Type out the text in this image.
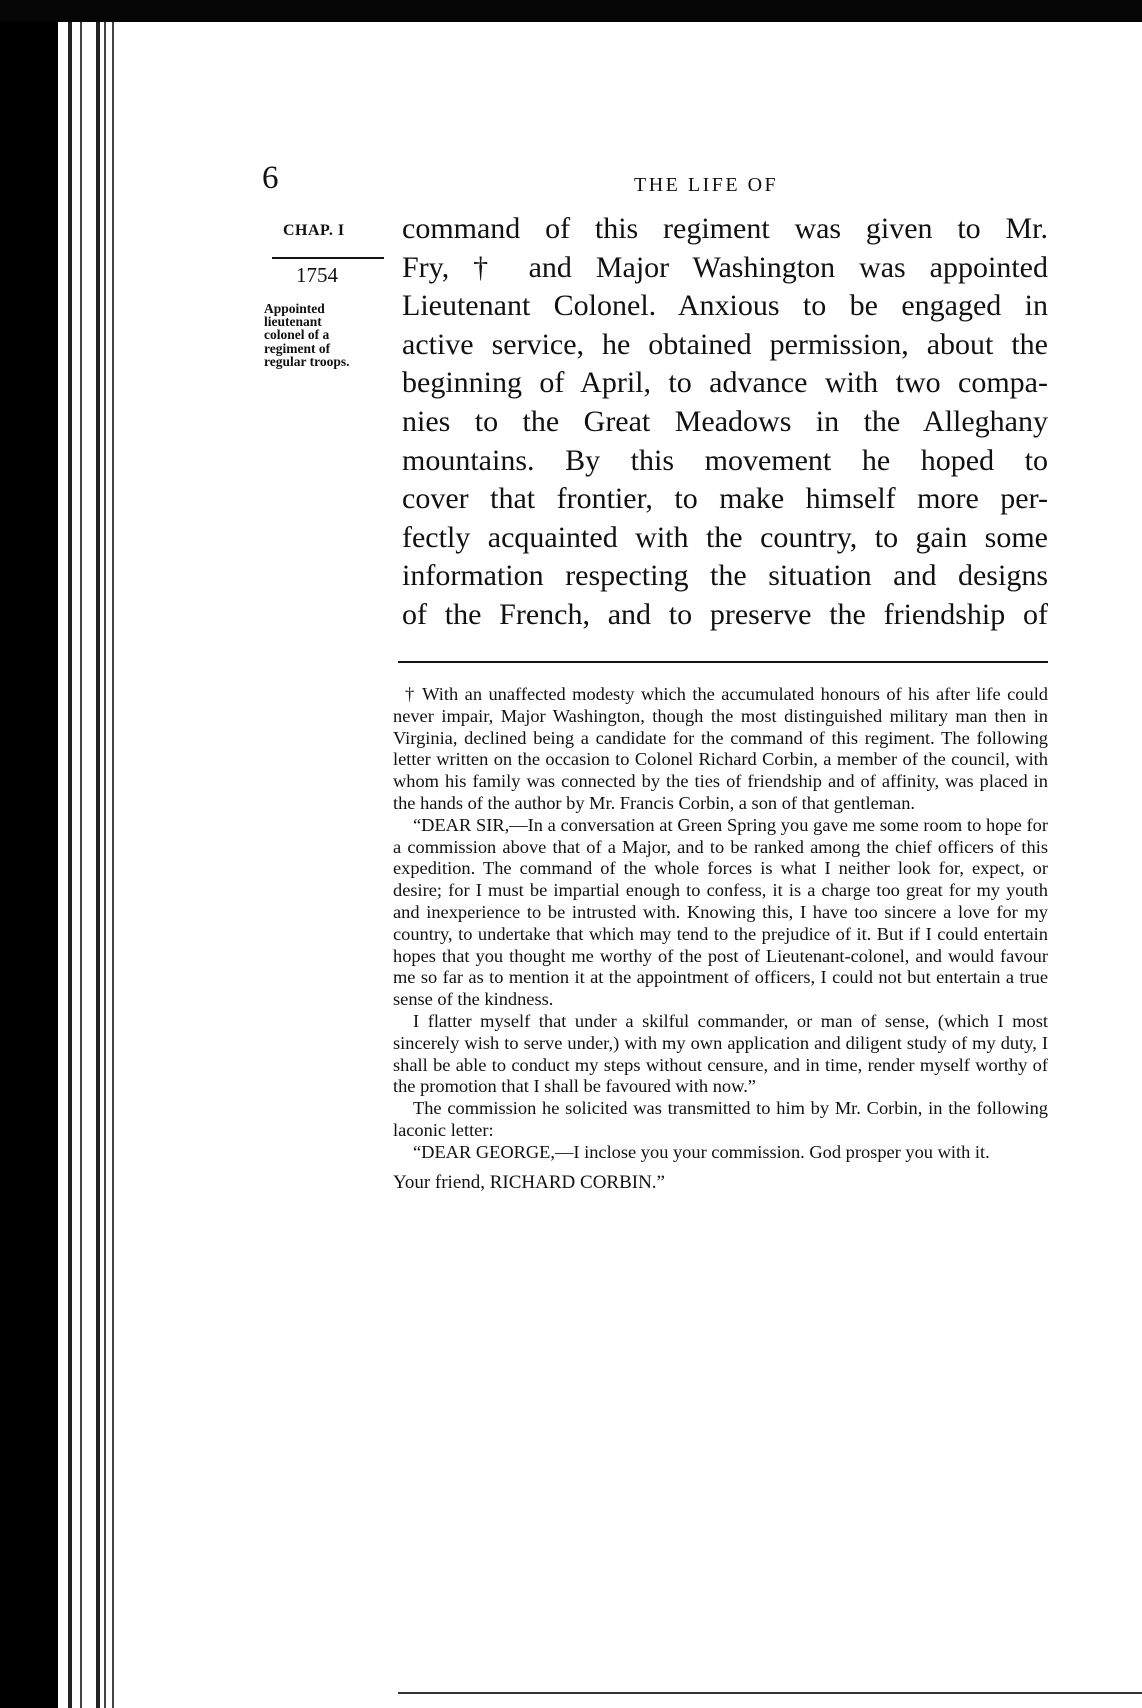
6	THE LIFE OF
CHAP. I
1754
Appointed lieutenant colonel of a regiment of regular troops.
command of this regiment was given to Mr.
Fry, † and Major Washington was appointed
Lieutenant Colonel. Anxious to be engaged in
active service, he obtained permission, about the
beginning of April, to advance with two compa-
nies to the Great Meadows in the Alleghany
mountains. By this movement he hoped to
cover that frontier, to make himself more per-
fectly acquainted with the country, to gain some
information respecting the situation and designs
of the French, and to preserve the friendship of

† With an unaffected modesty which the accumulated honours of his after life could never impair, Major Washington, though the most distinguished military man then in Virginia, declined being a candidate for the command of this regiment. The following letter written on the occasion to Colonel Richard Corbin, a member of the council, with whom his family was connected by the ties of friendship and of affinity, was placed in the hands of the author by Mr. Francis Corbin, a son of that gentleman.

“DEAR SIR,—In a conversation at Green Spring you gave me some room to hope for a commission above that of a Major, and to be ranked among the chief officers of this expedition. The command of the whole forces is what I neither look for, expect, or desire; for I must be impartial enough to confess, it is a charge too great for my youth and inexperience to be intrusted with. Knowing this, I have too sincere a love for my country, to undertake that which may tend to the prejudice of it. But if I could entertain hopes that you thought me worthy of the post of Lieutenant-colonel, and would favour me so far as to mention it at the appointment of officers, I could not but entertain a true sense of the kindness.

I flatter myself that under a skilful commander, or man of sense, (which I most sincerely wish to serve under,) with my own application and diligent study of my duty, I shall be able to conduct my steps without censure, and in time, render myself worthy of the promotion that I shall be favoured with now.”

The commission he solicited was transmitted to him by Mr. Corbin, in the following laconic letter:

“DEAR GEORGE,—I inclose you your commission. God prosper you with it.

Your friend, RICHARD CORBIN.”
